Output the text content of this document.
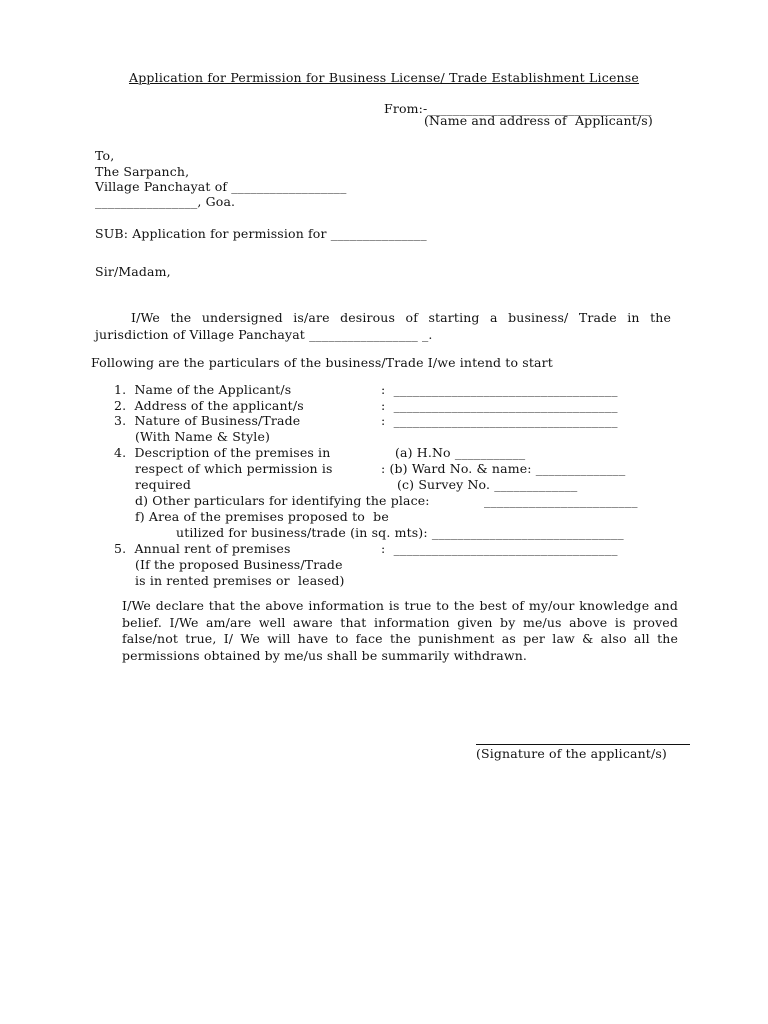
Application for Permission for Business License/ Trade Establishment License
From:-___________________________________
(Name and address of  Applicant/s)
To,
The Sarpanch,
Village Panchayat of __________________
________________, Goa.
SUB: Application for permission for _______________
Sir/Madam,
I/We the undersigned is/are desirous of starting a business/ Trade in the jurisdiction of Village Panchayat _________________ _.
Following are the particulars of the business/Trade I/we intend to start
1.  Name of the Applicant/s	:  ___________________________________
2.  Address of the applicant/s	:  ___________________________________
3.  Nature of Business/Trade	:  ___________________________________
(With Name & Style)
4.  Description of the premises in
respect of which permission is
required
(a) H.No ___________
: (b) Ward No. & name: ______________
(c) Survey No. _____________
d) Other particulars for identifying the place:	________________________
f) Area of the premises proposed to  be
utilized for business/trade (in sq. mts): ______________________________
5.  Annual rent of premises	:  ___________________________________
(If the proposed Business/Trade
is in rented premises or  leased)
I/We declare that the above information is true to the best of my/our knowledge and belief. I/We am/are well aware that information given by me/us above is proved false/not true, I/ We will have to face the punishment as per law & also all the permissions obtained by me/us shall be summarily withdrawn.
(Signature of the applicant/s)
